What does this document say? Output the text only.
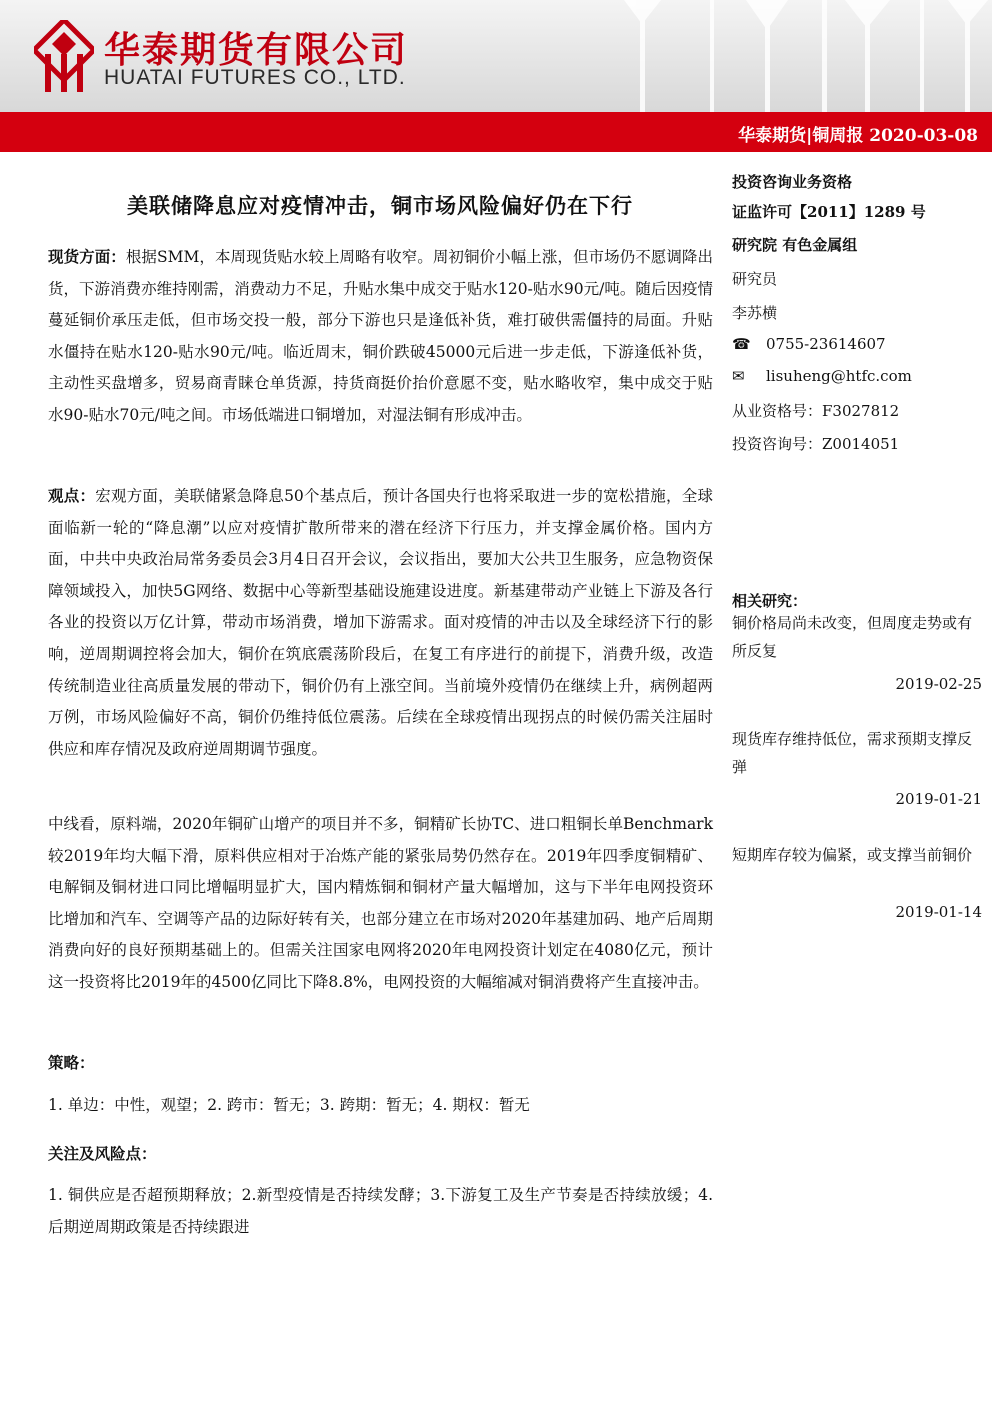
华泰期货有限公司
HUATAI FUTURES CO., LTD.
华泰期货|铜周报 2020-03-08
美联储降息应对疫情冲击，铜市场风险偏好仍在下行

现货方面：根据SMM，本周现货贴水较上周略有收窄。周初铜价小幅上涨，但市场仍不愿调降出货，下游消费亦维持刚需，消费动力不足，升贴水集中成交于贴水120-贴水90元/吨。随后因疫情蔓延铜价承压走低，但市场交投一般，部分下游也只是逢低补货，难打破供需僵持的局面。升贴水僵持在贴水120-贴水90元/吨。临近周末，铜价跌破45000元后进一步走低，下游逢低补货，主动性买盘增多，贸易商青睐仓单货源，持货商挺价抬价意愿不变，贴水略收窄，集中成交于贴水90-贴水70元/吨之间。市场低端进口铜增加，对湿法铜有形成冲击。

观点：宏观方面，美联储紧急降息50个基点后，预计各国央行也将采取进一步的宽松措施，全球面临新一轮的“降息潮”以应对疫情扩散所带来的潜在经济下行压力，并支撑金属价格。国内方面，中共中央政治局常务委员会3月4日召开会议，会议指出，要加大公共卫生服务，应急物资保障领域投入，加快5G网络、数据中心等新型基础设施建设进度。新基建带动产业链上下游及各行各业的投资以万亿计算，带动市场消费，增加下游需求。面对疫情的冲击以及全球经济下行的影响，逆周期调控将会加大，铜价在筑底震荡阶段后，在复工有序进行的前提下，消费升级，改造传统制造业往高质量发展的带动下，铜价仍有上涨空间。当前境外疫情仍在继续上升，病例超两万例，市场风险偏好不高，铜价仍维持低位震荡。后续在全球疫情出现拐点的时候仍需关注届时供应和库存情况及政府逆周期调节强度。

中线看，原料端，2020年铜矿山增产的项目并不多，铜精矿长协TC、进口粗铜长单Benchmark较2019年均大幅下滑，原料供应相对于冶炼产能的紧张局势仍然存在。2019年四季度铜精矿、电解铜及铜材进口同比增幅明显扩大，国内精炼铜和铜材产量大幅增加，这与下半年电网投资环比增加和汽车、空调等产品的边际好转有关，也部分建立在市场对2020年基建加码、地产后周期消费向好的良好预期基础上的。但需关注国家电网将2020年电网投资计划定在4080亿元，预计这一投资将比2019年的4500亿同比下降8.8%，电网投资的大幅缩减对铜消费将产生直接冲击。

策略：
1. 单边：中性，观望；2. 跨市：暂无；3. 跨期：暂无；4. 期权：暂无
关注及风险点：

1. 铜供应是否超预期释放；2.新型疫情是否持续发酵；3.下游复工及生产节奏是否持续放缓；4. 后期逆周期政策是否持续跟进

投资咨询业务资格
证监许可【2011】1289 号
研究院 有色金属组
研究员
李苏横
☎ 0755-23614607
✉ lisuheng@htfc.com
从业资格号：F3027812
投资咨询号：Z0014051
相关研究：
铜价格局尚未改变，但周度走势或有所反复
2019-02-25
现货库存维持低位，需求预期支撑反弹
2019-01-21
短期库存较为偏紧，或支撑当前铜价
2019-01-14
